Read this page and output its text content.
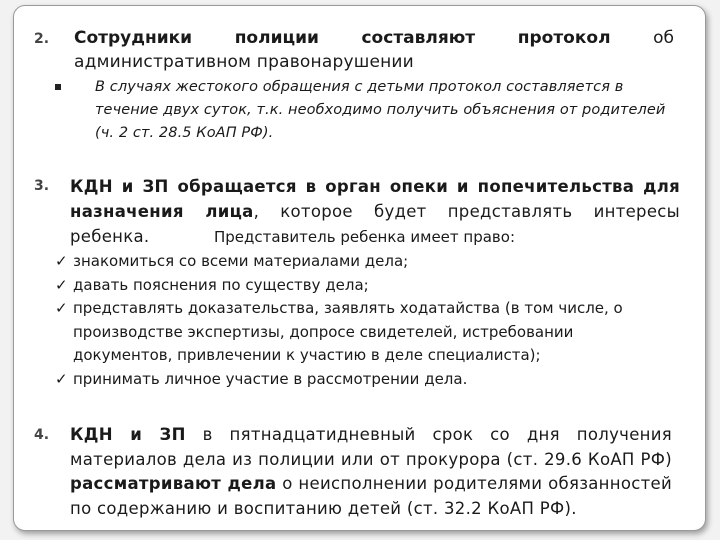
2. Сотрудники	полиции	составляют	протокол	об
административном правонарушении
В случаях жестокого обращения с детьми протокол составляется в течение двух суток, т.к. необходимо получить объяснения от родителей (ч. 2 ст. 28.5 КоАП РФ).
3. КДН и ЗП обращается в орган опеки и попечительства для назначения лица, которое будет представлять интересы ребенка.	Представитель ребенка имеет право:
✓ знакомиться со всеми материалами дела;
✓ давать пояснения по существу дела;
✓ представлять доказательства, заявлять ходатайства (в том числе, о производстве экспертизы, допросе свидетелей, истребовании документов, привлечении к участию в деле специалиста);
✓ принимать личное участие в рассмотрении дела.
4. КДН и ЗП в пятнадцатидневный срок со дня получения материалов дела из полиции или от прокурора (ст. 29.6 КоАП РФ) рассматривают дела о неисполнении родителями обязанностей по содержанию и воспитанию детей (ст. 32.2 КоАП РФ).
